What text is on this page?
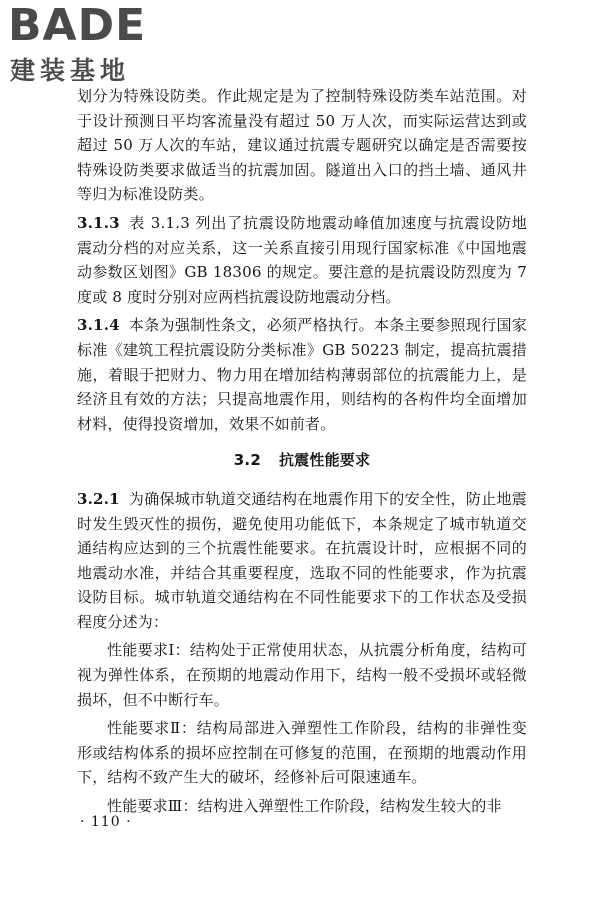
BADE
建装基地

划分为特殊设防类。作此规定是为了控制特殊设防类车站范围。对于设计预测日平均客流量没有超过 50 万人次，而实际运营达到或超过 50 万人次的车站，建议通过抗震专题研究以确定是否需要按特殊设防类要求做适当的抗震加固。隧道出入口的挡土墙、通风井等归为标准设防类。

3.1.3 表 3.1.3 列出了抗震设防地震动峰值加速度与抗震设防地震动分档的对应关系，这一关系直接引用现行国家标准《中国地震动参数区划图》GB 18306 的规定。要注意的是抗震设防烈度为 7 度或 8 度时分别对应两档抗震设防地震动分档。

3.1.4 本条为强制性条文，必须严格执行。本条主要参照现行国家标准《建筑工程抗震设防分类标准》GB 50223 制定，提高抗震措施，着眼于把财力、物力用在增加结构薄弱部位的抗震能力上，是经济且有效的方法；只提高地震作用，则结构的各构件均全面增加材料，使得投资增加，效果不如前者。

3.2 抗震性能要求

3.2.1 为确保城市轨道交通结构在地震作用下的安全性，防止地震时发生毁灭性的损伤，避免使用功能低下，本条规定了城市轨道交通结构应达到的三个抗震性能要求。在抗震设计时，应根据不同的地震动水准，并结合其重要程度，选取不同的性能要求，作为抗震设防目标。城市轨道交通结构在不同性能要求下的工作状态及受损程度分述为：

性能要求Ⅰ：结构处于正常使用状态，从抗震分析角度，结构可视为弹性体系，在预期的地震动作用下，结构一般不受损坏或轻微损坏，但不中断行车。

性能要求Ⅱ：结构局部进入弹塑性工作阶段，结构的非弹性变形或结构体系的损坏应控制在可修复的范围，在预期的地震动作用下，结构不致产生大的破坏，经修补后可限速通车。

性能要求Ⅲ：结构进入弹塑性工作阶段，结构发生较大的非

· 110 ·
